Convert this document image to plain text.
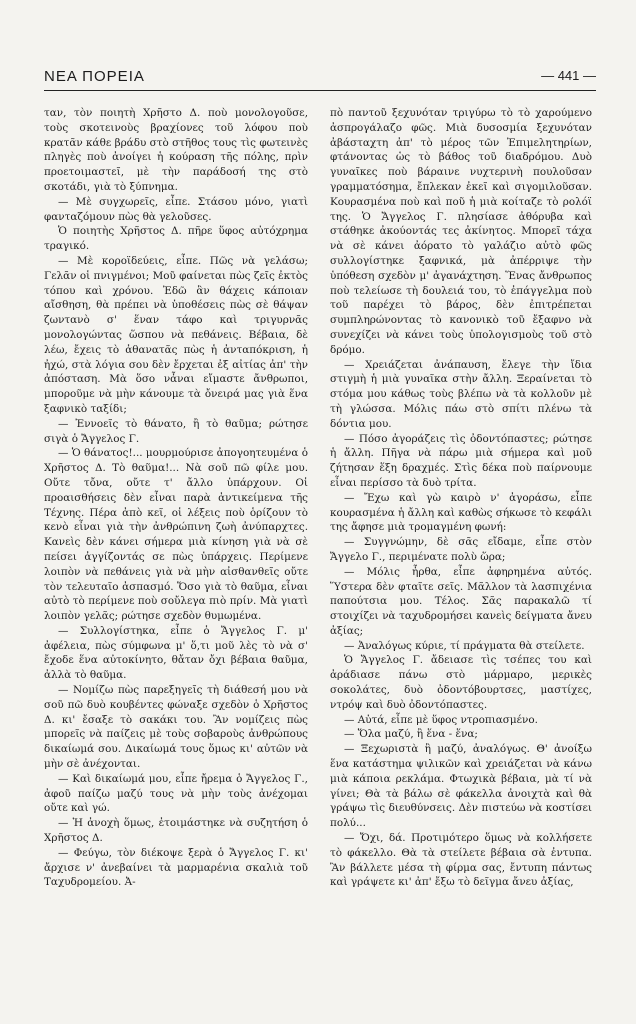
ΝΕΑ ΠΟΡΕΙΑ	— 441 —

ταν, τὸν ποιητὴ Χρῆστο Δ. ποὺ μονολογοῦσε, τοὺς σκοτεινοὺς βραχίονες τοῦ λόφου ποὺ κρατᾶν κάθε βράδυ στὸ στῆθος τους τὶς φωτεινὲς πληγὲς ποὺ ἀνοίγει ἡ κούραση τῆς πόλης, πρὶν προετοιμαστεῖ, μὲ τὴν παράδοσή της στὸ σκοτάδι, γιὰ τὸ ξύπνημα.

— Μὲ συγχωρεῖς, εἶπε. Στάσου μόνο, γιατὶ φανταζόμουν πὼς θὰ γελοῦσες.

Ὁ ποιητὴς Χρῆστος Δ. πῆρε ὕφος αὐτόχρημα τραγικό.

— Μὲ κοροϊδεύεις, εἶπε. Πῶς νὰ γελάσω; Γελᾶν οἱ πνιγμένοι; Μοῦ φαίνεται πὼς ζεῖς ἐκτὸς τόπου καὶ χρόνου. Ἐδῶ ἂν θάχεις κάποιαν αἴσθηση, θὰ πρέπει νὰ ὑποθέσεις πὼς σὲ θάψαν ζωντανὸ σ' ἕναν τάφο καὶ τριγυρνᾶς μονολογώντας ὥσπου νὰ πεθάνεις. Βέβαια, δὲ λέω, ἔχεις τὸ ἀθανατᾶς πὼς ἡ ἀνταπόκριση, ἡ ἠχώ, στὰ λόγια σου δὲν ἔρχεται ἐξ αἰτίας ἀπ' τὴν ἀπόσταση. Μὰ ὅσο νἆναι εἴμαστε ἄνθρωποι, μποροῦμε νὰ μὴν κάνουμε τὰ ὄνειρά μας γιὰ ἕνα ξαφνικὸ ταξίδι;

— Ἐννοεῖς τὸ θάνατο, ἢ τὸ θαῦμα; ρώτησε σιγὰ ὁ Ἄγγελος Γ.

— Ὁ θάνατος!... μουρμούρισε ἀπογοητευμένα ὁ Χρῆστος Δ. Τὸ θαῦμα!... Νὰ σοῦ πῶ φίλε μου. Οὔτε τὄνα, οὔτε τ' ἄλλο ὑπάρχουν. Οἱ προαισθήσεις δὲν εἶναι παρὰ ἀντικείμενα τῆς Τέχνης. Πέρα ἀπὸ κεῖ, οἱ λέξεις ποὺ ὁρίζουν τὸ κενὸ εἶναι γιὰ τὴν ἀνθρώπινη ζωὴ ἀνύπαρχτες. Κανεὶς δὲν κάνει σήμερα μιὰ κίνηση γιὰ νὰ σὲ πείσει ἀγγίζοντάς σε πὼς ὑπάρχεις. Περίμενε λοιπὸν νὰ πεθάνεις γιὰ νὰ μὴν αἰσθανθεῖς οὔτε τὸν τελευταῖο ἀσπασμό. Ὅσο γιὰ τὸ θαῦμα, εἶναι αὐτὸ τὸ περίμενε ποὺ σοὔλεγα πιὸ πρίν. Μὰ γιατὶ λοιπὸν γελᾶς; ρώτησε σχεδὸν θυμωμένα.

— Συλλογίστηκα, εἶπε ὁ Ἄγγελος Γ. μ' ἀφέλεια, πὼς σύμφωνα μ' ὅ,τι μοῦ λὲς τὸ νὰ σ' ἔχοδε ἕνα αὐτοκίνητο, θἄταν ὄχι βέβαια θαῦμα, ἀλλὰ τὸ θαῦμα.

— Νομίζω πὼς παρεξηγεῖς τὴ διάθεσή μου νὰ σοῦ πῶ δυὸ κουβέντες φώναξε σχεδὸν ὁ Χρῆστος Δ. κι' ἔσαξε τὸ σακάκι του. Ἂν νομίζεις πὼς μπορεῖς νὰ παίζεις μὲ τοὺς σοβαροὺς ἀνθρώπους δικαίωμά σου. Δικαίωμά τους ὅμως κι' αὐτῶν νὰ μὴν σὲ ἀνέχονται.

— Καὶ δικαίωμά μου, εἶπε ἤρεμα ὁ Ἄγγελος Γ., ἀφοῦ παίζω μαζύ τους νὰ μὴν τοὺς ἀνέχομαι οὔτε καὶ γώ.

— Ἡ ἀνοχὴ ὅμως, ἐτοιμάστηκε νὰ συζητήση ὁ Χρῆστος Δ.

— Φεύγω, τὸν διέκοψε ξερὰ ὁ Ἄγγελος Γ. κι' ἄρχισε ν' ἀνεβαίνει τὰ μαρμαρένια σκαλιὰ τοῦ Ταχυδρομείου. Ἀ-

πὸ παντοῦ ξεχυνόταν τριγύρω τὸ τὸ χαρούμενο ἀσπρογάλαζο φῶς. Μιὰ δυσοσμία ξεχυνόταν ἀβάσταχτη ἀπ' τὸ μέρος τῶν Ἐπιμελητηρίων, φτάνοντας ὡς τὸ βάθος τοῦ διαδρόμου. Δυὸ γυναῖκες ποὺ βάραινε νυχτερινὴ πουλοῦσαν γραμματόσημα, ἔπλεκαν ἐκεῖ καὶ σιγομιλοῦσαν. Κουρασμένα ποὺ καὶ ποῦ ἡ μιὰ κοίταζε τὸ ρολόϊ της. Ὁ Ἄγγελος Γ. πλησίασε ἀθόρυβα καὶ στάθηκε ἀκούοντάς τες ἀκίνητος. Μπορεῖ τάχα νὰ σὲ κάνει ἀόρατο τὸ γαλάζιο αὐτὸ φῶς συλλογίστηκε ξαφνικά, μὰ ἀπέρριψε τὴν ὑπόθεση σχεδὸν μ' ἀγανάχτηση. Ἕνας ἄνθρωπος ποὺ τελείωσε τὴ δουλειά του, τὸ ἐπάγγελμα ποὺ τοῦ παρέχει τὸ βάρος, δὲν ἐπιτρέπεται συμπληρώνοντας τὸ κανονικὸ τοῦ ἔξαφνο νὰ συνεχίζει νὰ κάνει τοὺς ὑπολογισμοὺς τοῦ στὸ δρόμο.

— Χρειάζεται ἀνάπαυση, ἔλεγε τὴν ἴδια στιγμὴ ἡ μιὰ γυναῖκα στὴν ἄλλη. Ξεραίνεται τὸ στόμα μου κάθως τοὺς βλέπω νὰ τὰ κολλοῦν μὲ τὴ γλώσσα. Μόλις πάω στὸ σπίτι πλένω τὰ δόντια μου.

— Πόσο ἀγοράζεις τὶς ὀδοντόπαστες; ρώτησε ἡ ἄλλη. Πῆγα νὰ πάρω μιὰ σήμερα καὶ μοῦ ζήτησαν ἕξη δραχμές. Στὶς δέκα ποὺ παίρνουμε εἶναι περίσσο τὰ δυὸ τρίτα.

— Ἔχω καὶ γὼ καιρὸ ν' ἀγοράσω, εἶπε κουρασμένα ἡ ἄλλη καὶ καθὼς σήκωσε τὸ κεφάλι της ἄφησε μιὰ τρομαγμένη φωνή:

— Συγγνώμην, δὲ σᾶς εἴδαμε, εἶπε στὸν Ἄγγελο Γ., περιμένατε πολὺ ὥρα;

— Μόλις ἦρθα, εἶπε ἀφηρημένα αὐτός. Ὕστερα δὲν φταῖτε σεῖς. Μᾶλλον τὰ λασπιχένια παπούτσια μου. Τέλος. Σᾶς παρακαλῶ τί στοιχίζει νὰ ταχυδρομήσει κανεὶς δείγματα ἄνευ ἀξίας;

— Ἀναλόγως κύριε, τί πράγματα θὰ στείλετε.

Ὁ Ἄγγελος Γ. ἄδειασε τὶς τσέπες του καὶ ἀράδιασε πάνω στὸ μάρμαρο, μερικὲς σοκολάτες, δυὸ ὀδοντόβουρτσες, μαστίχες, ντρόψ καὶ δυὸ ὀδοντόπαστες.

— Αὐτά, εἶπε μὲ ὕφος ντροπιασμένο.

— Ὅλα μαζύ, ἢ ἕνα - ἕνα;

— Ξεχωριστὰ ἢ μαζύ, ἀναλόγως. Θ' ἀνοίξω ἕνα κατάστημα ψιλικῶν καὶ χρειάζεται νὰ κάνω μιὰ κάποια ρεκλάμα. Φτωχικὰ βέβαια, μὰ τί νὰ γίνει; Θὰ τὰ βάλω σὲ φάκελλα ἀνοιχτὰ καὶ θὰ γράψω τὶς διευθύνσεις. Δὲν πιστεύω νὰ κοστίσει πολύ...

— Ὄχι, δά. Προτιμότερο ὅμως νὰ κολλήσετε τὸ φάκελλο. Θὰ τὰ στείλετε βέβαια σὰ ἐντυπα. Ἂν βάλλετε μέσα τὴ φίρμα σας, ἔντυπη πάντως καὶ γράψετε κι' ἀπ' ἔξω τὸ δεῖγμα ἄνευ ἀξίας,
